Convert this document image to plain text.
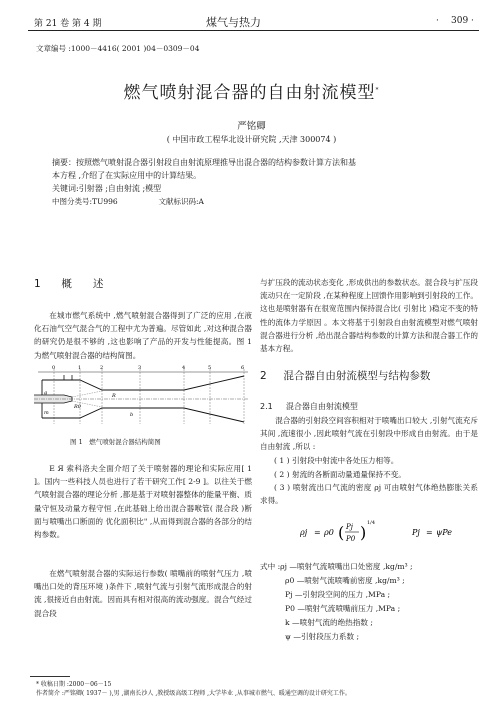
第 21 卷 第 4 期	煤气与热力	· 309 ·
文章编号 :1000－4416( 2001 )04－0309－04
燃气喷射混合器的自由射流模型*
严铭卿
( 中国市政工程华北设计研究院 ,天津 300074 )
摘要：按照燃气喷射混合器引射段自由射流原理推导出混合器的结构参数计算方法和基
本方程 ,介绍了在实际应用中的计算结果。
关键词:引射器 ;自由射流 ;模型
中图分类号:TU996	文献标识码:A
1 概　　述
在城市燃气系统中 ,燃气喷射混合器得到了广泛的应用 ,在液化石油气空气混合气的工程中尤为普遍。尽管如此 ,对这种混合器的研究仍是很不够的 ,这也影响了产品的开发与性能提高。图 1 为燃气喷射混合器的结构简图。
0	1	2	3	4	5	6
g
m
R
R0
b
图 1　燃气喷射混合器结构简图
E Я 索科洛夫全面介绍了关于喷射器的理论和实际应用[ 1 ]。国内一些科技人员也进行了若干研究工作[ 2-9 ]。以往关于燃气喷射混合器的理论分析 ,都是基于对喷射器整体的能量平衡、质量守恒及动量方程守恒 ,在此基础上给出混合器喉管( 混合段 )断面与喷嘴出口断面的 优化面积比" ,从而得到混合器的各部分的结构参数。
在燃气喷射混合器的实际运行参数( 喷嘴前的喷射气压力 ,喷嘴出口处的背压环境 )条件下 ,喷射气流与引射气流形成混合的射流 ,很接近自由射流。因而具有相对很高的流动强度。混合气经过混合段
与扩压段的流动状态变化 ,形成供出的参数状态。混合段与扩压段流动只在一定阶段 ,在某种程度上回馈作用影响到引射段的工作。这也是喷射器有在很宽范围内保持混合比( 引射比 )稳定不变的特性的流体力学原因 。本文将基于引射段自由射流模型对燃气喷射混合器进行分析 ,给出混合器结构参数的计算方法和混合器工作的基本方程。
2 混合器自由射流模型与结构参数
2.1 混合器自由射流模型
混合器的引射段空间容积相对于喷嘴出口较大 ,引射气流充斥其间 ,流速很小 ,因此喷射气流在引射段中形成自由射流。由于是自由射流 ,所以 :
( 1 ) 引射段中射流中各处压力相等。
( 2 ) 射流的各断面动量通量保持不变。
( 3 ) 喷射流出口气流的密度 ρj 可由喷射气体绝热膨胀关系求得。
ρj = ρ0 ( Pj
P0 ) 1/4
Pj = ψPe
式中 :ρj —喷射气流喷嘴出口处密度 ,kg/m³ ;
ρ0 —喷射气流喷嘴前密度 ,kg/m³ ;
Pj —引射段空间的压力 ,MPa ;
P0 —喷射气流喷嘴前压力 ,MPa ;
k —喷射气流的绝热指数 ;
ψ —引射段压力系数 ;
* 收稿日期 :2000－06－15
作者简介 :严铭卿( 1937－ ),男 ,湖南长沙人 ,教授级高级工程师 ,大学毕业 ,从事城市燃气、暖通空调的设计研究工作。
